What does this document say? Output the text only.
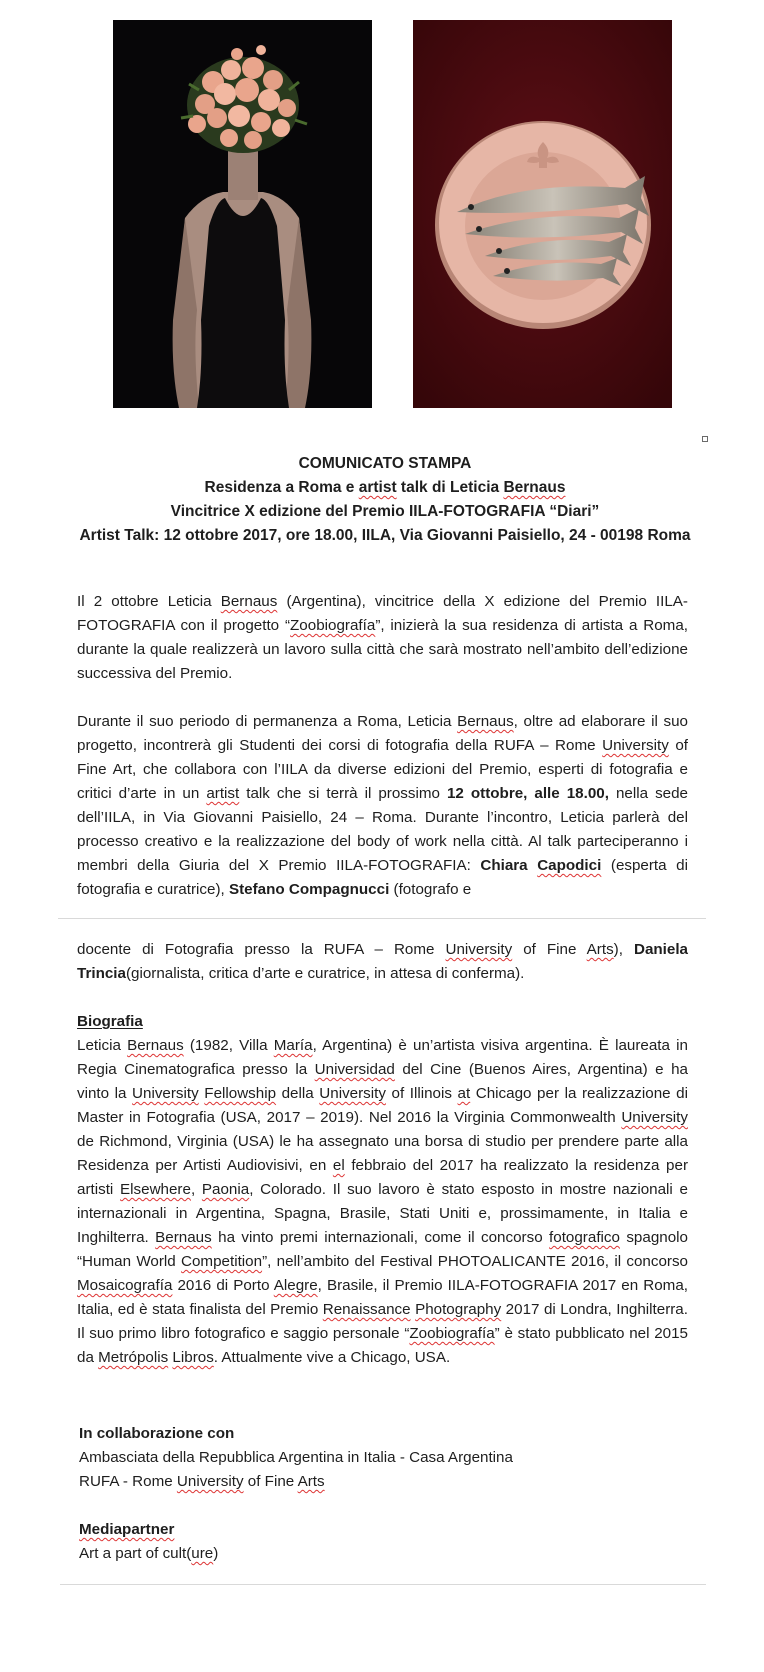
COMUNICATO STAMPA
Residenza a Roma e artist talk di Leticia Bernaus
Vincitrice X edizione del Premio IILA-FOTOGRAFIA “Diari”
Artist Talk: 12 ottobre 2017, ore 18.00, IILA, Via Giovanni Paisiello, 24 - 00198 Roma

Il 2 ottobre Leticia Bernaus (Argentina), vincitrice della X edizione del Premio IILA-FOTOGRAFIA con il progetto “Zoobiografía”, inizierà la sua residenza di artista a Roma, durante la quale realizzerà un lavoro sulla città che sarà mostrato nell’ambito dell’edizione successiva del Premio.

Durante il suo periodo di permanenza a Roma, Leticia Bernaus, oltre ad elaborare il suo progetto, incontrerà gli Studenti dei corsi di fotografia della RUFA – Rome University of Fine Art, che collabora con l’IILA da diverse edizioni del Premio, esperti di fotografia e critici d’arte in un artist talk che si terrà il prossimo 12 ottobre, alle 18.00, nella sede dell’IILA, in Via Giovanni Paisiello, 24 – Roma. Durante l’incontro, Leticia parlerà del processo creativo e la realizzazione del body of work nella città. Al talk parteciperanno i membri della Giuria del X Premio IILA-FOTOGRAFIA: Chiara Capodici (esperta di fotografia e curatrice), Stefano Compagnucci (fotografo e

docente di Fotografia presso la RUFA – Rome University of Fine Arts), Daniela Trincia(giornalista, critica d’arte e curatrice, in attesa di conferma).

Biografia

Leticia Bernaus (1982, Villa María, Argentina) è un’artista visiva argentina. È laureata in Regia Cinematografica presso la Universidad del Cine (Buenos Aires, Argentina) e ha vinto la University Fellowship della University of Illinois at Chicago per la realizzazione di Master in Fotografia (USA, 2017 – 2019). Nel 2016 la Virginia Commonwealth University de Richmond, Virginia (USA) le ha assegnato una borsa di studio per prendere parte alla Residenza per Artisti Audiovisivi, en el febbraio del 2017 ha realizzato la residenza per artisti Elsewhere, Paonia, Colorado. Il suo lavoro è stato esposto in mostre nazionali e internazionali in Argentina, Spagna, Brasile, Stati Uniti e, prossimamente, in Italia e Inghilterra. Bernaus ha vinto premi internazionali, come il concorso fotografico spagnolo “Human World Competition”, nell’ambito del Festival PHOTOALICANTE 2016, il concorso Mosaicografía 2016 di Porto Alegre, Brasile, il Premio IILA-FOTOGRAFIA 2017 en Roma, Italia, ed è stata finalista del Premio Renaissance Photography 2017 di Londra, Inghilterra. Il suo primo libro fotografico e saggio personale “Zoobiografía” è stato pubblicato nel 2015 da Metrópolis Libros. Attualmente vive a Chicago, USA.

In collaborazione con

Ambasciata della Repubblica Argentina in Italia - Casa Argentina

RUFA - Rome University of Fine Arts

Mediapartner

Art a part of cult(ure)
